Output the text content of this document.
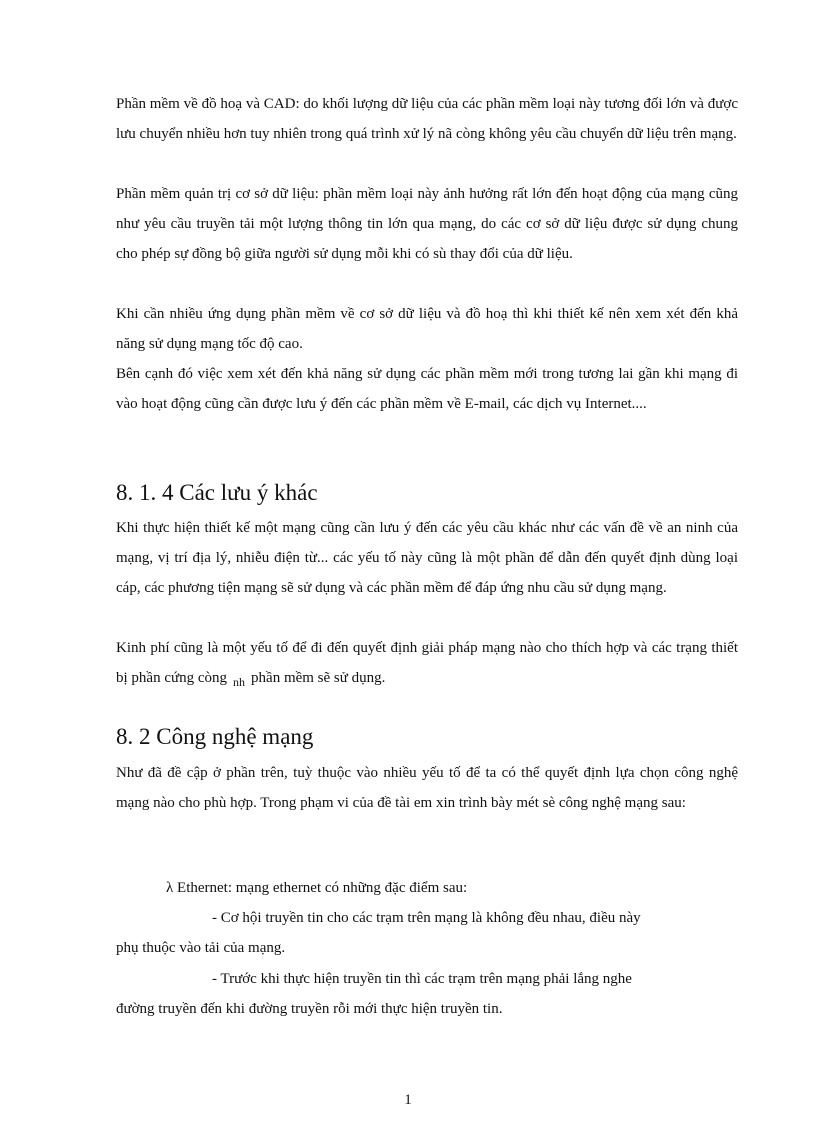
Phần mềm về đồ hoạ và CAD: do khối lượng dữ liệu của các phần mềm loại này tương đối lớn và được lưu chuyển nhiều hơn tuy nhiên trong quá trình xử lý nã còng không yêu cầu chuyển dữ liệu trên mạng.

Phần mềm quản trị cơ sở dữ liệu: phần mềm loại này ảnh hưởng rất lớn đến hoạt động của mạng cũng như yêu cầu truyền tải một lượng thông tin lớn qua mạng, do các cơ sở dữ liệu được sử dụng chung cho phép sự đồng bộ giữa người sử dụng mỗi khi có sù thay đổi của dữ liệu.

Khi cần nhiều ứng dụng phần mềm về cơ sở dữ liệu và đồ hoạ thì khi thiết kế nên xem xét đến khả năng sử dụng mạng tốc độ cao.

Bên cạnh đó việc xem xét đến khả năng sử dụng các phần mềm mới trong tương lai gần khi mạng đi vào hoạt động cũng cần được lưu ý đến các phần mềm về E-mail, các dịch vụ Internet....

8. 1. 4 Các lưu ý khác

Khi thực hiện thiết kế một mạng cũng cần lưu ý đến các yêu cầu khác như các vấn đề về an ninh của mạng, vị trí địa lý, nhiễu điện từ... các yếu tố này cũng là một phần để dẫn đến quyết định dùng loại cáp, các phương tiện mạng sẽ sử dụng và các phần mềm để đáp ứng nhu cầu sử dụng mạng.

Kinh phí cũng là một yếu tố để đi đến quyết định giải pháp mạng nào cho thích hợp và các trạng thiết bị phần cứng còng $_{nh}$ phần mềm sẽ sử dụng.

8. 2 Công nghệ mạng

Như đã đề cập ở phần trên, tuỳ thuộc vào nhiều yếu tố để ta có thể quyết định lựa chọn công nghệ mạng nào cho phù hợp. Trong phạm vi của đề tài em xin trình bày mét sè công nghệ mạng sau:

λ Ethernet: mạng ethernet có những đặc điểm sau:

- Cơ hội truyền tin cho các trạm trên mạng là không đều nhau, điều này
phụ thuộc vào tải của mạng.

- Trước khi thực hiện truyền tin thì các trạm trên mạng phải lắng nghe
đường truyền đến khi đường truyền rỗi mới thực hiện truyền tin.

1
